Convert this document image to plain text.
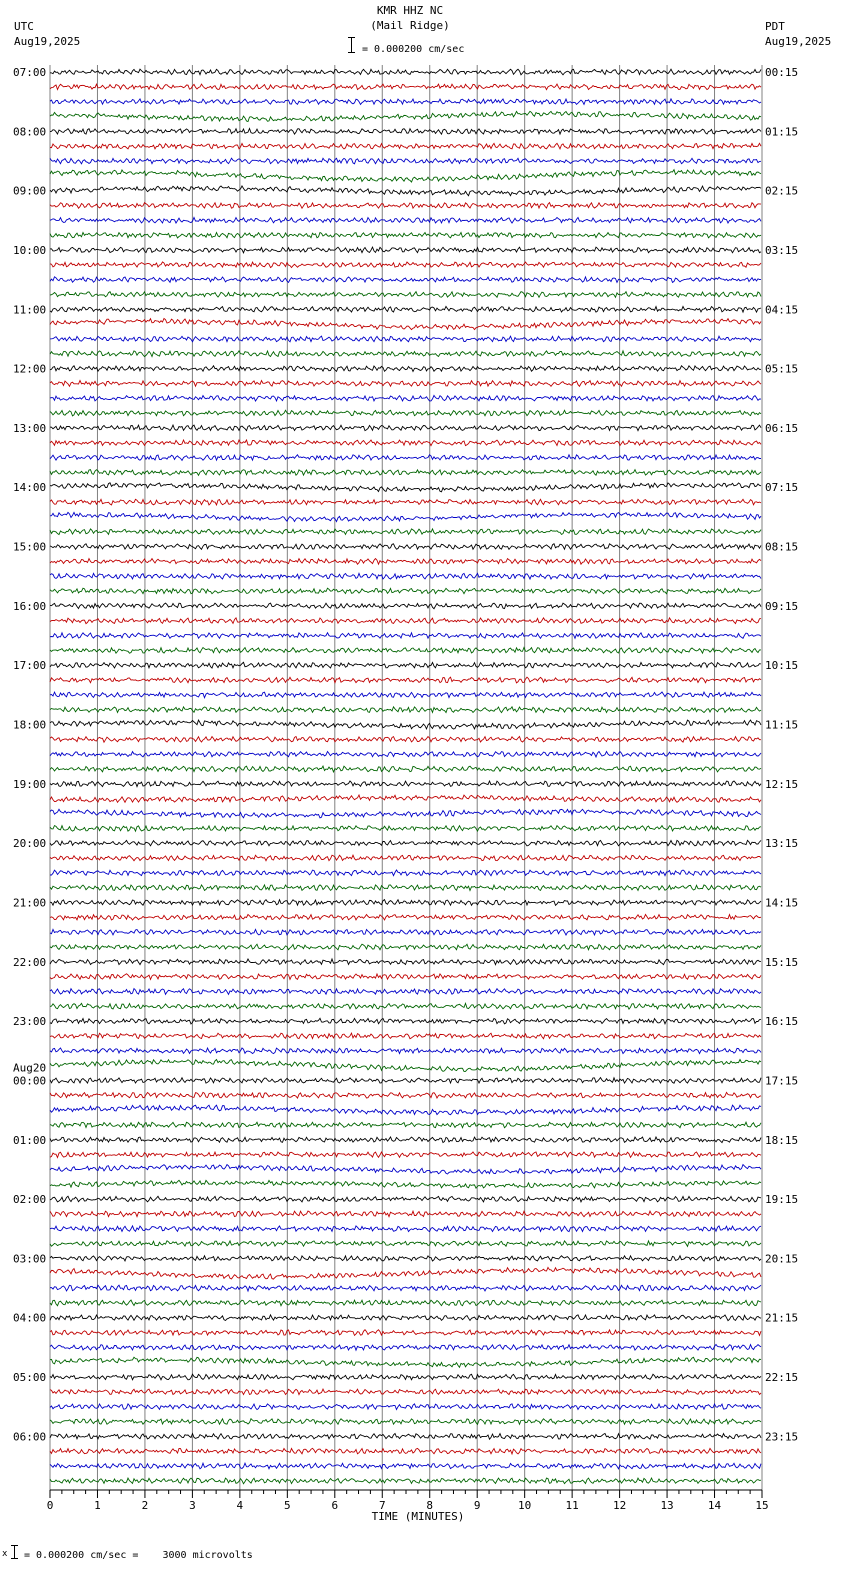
0	1	2	3	4	5	6	7	8	9	10	11	12	13	14	15
07:00
08:00
09:00
10:00
11:00
12:00
13:00
14:00
15:00
16:00
17:00
18:00
19:00
20:00
21:00
22:00
23:00
Aug20
00:00
01:00
02:00
03:00
04:00
05:00
06:00
00:15
01:15
02:15
03:15
04:15
05:15
06:15
07:15
08:15
09:15
10:15
11:15
12:15
13:15
14:15
15:15
16:15
17:15
18:15
19:15
20:15
21:15
22:15
23:15
KMR HHZ NC
(Mail Ridge)
= 0.000200 cm/sec
UTC
Aug19,2025
PDT
Aug19,2025
TIME (MINUTES)
x = 0.000200 cm/sec =    3000 microvolts
